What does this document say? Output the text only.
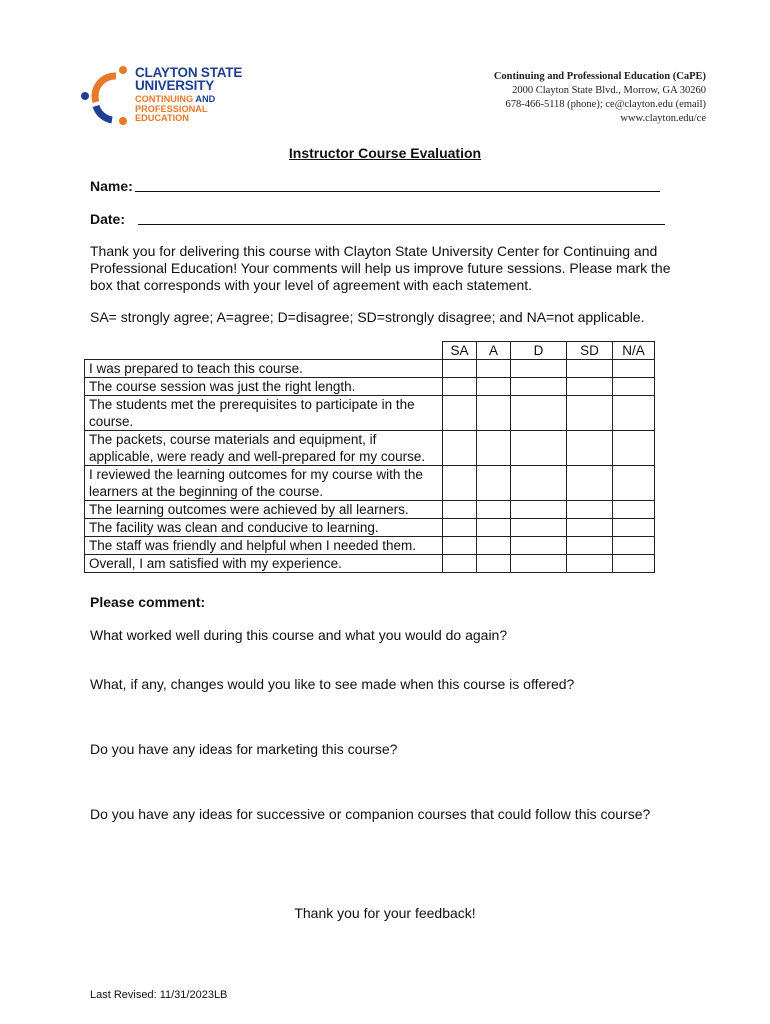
CLAYTON STATE
UNIVERSITY
CONTINUING AND
PROFESSIONAL
EDUCATION
Continuing and Professional Education (CaPE)
2000 Clayton State Blvd., Morrow, GA 30260
678-466-5118 (phone); ce@clayton.edu (email)
www.clayton.edu/ce
Instructor Course Evaluation
Name:
Date:
Thank you for delivering this course with Clayton State University Center for Continuing and Professional Education! Your comments will help us improve future sessions. Please mark the box that corresponds with your level of agreement with each statement.
SA= strongly agree; A=agree; D=disagree; SD=strongly disagree; and NA=not applicable.
	SA	A	D	SD	N/A
I was prepared to teach this course.					
The course session was just the right length.					
The students met the prerequisites to participate in the course.					
The packets, course materials and equipment, if applicable, were ready and well-prepared for my course.					
I reviewed the learning outcomes for my course with the learners at the beginning of the course.					
The learning outcomes were achieved by all learners.					
The facility was clean and conducive to learning.					
The staff was friendly and helpful when I needed them.					
Overall, I am satisfied with my experience.					
Please comment:
What worked well during this course and what you would do again?
What, if any, changes would you like to see made when this course is offered?
Do you have any ideas for marketing this course?
Do you have any ideas for successive or companion courses that could follow this course?
Thank you for your feedback!
Last Revised: 11/31/2023LB
